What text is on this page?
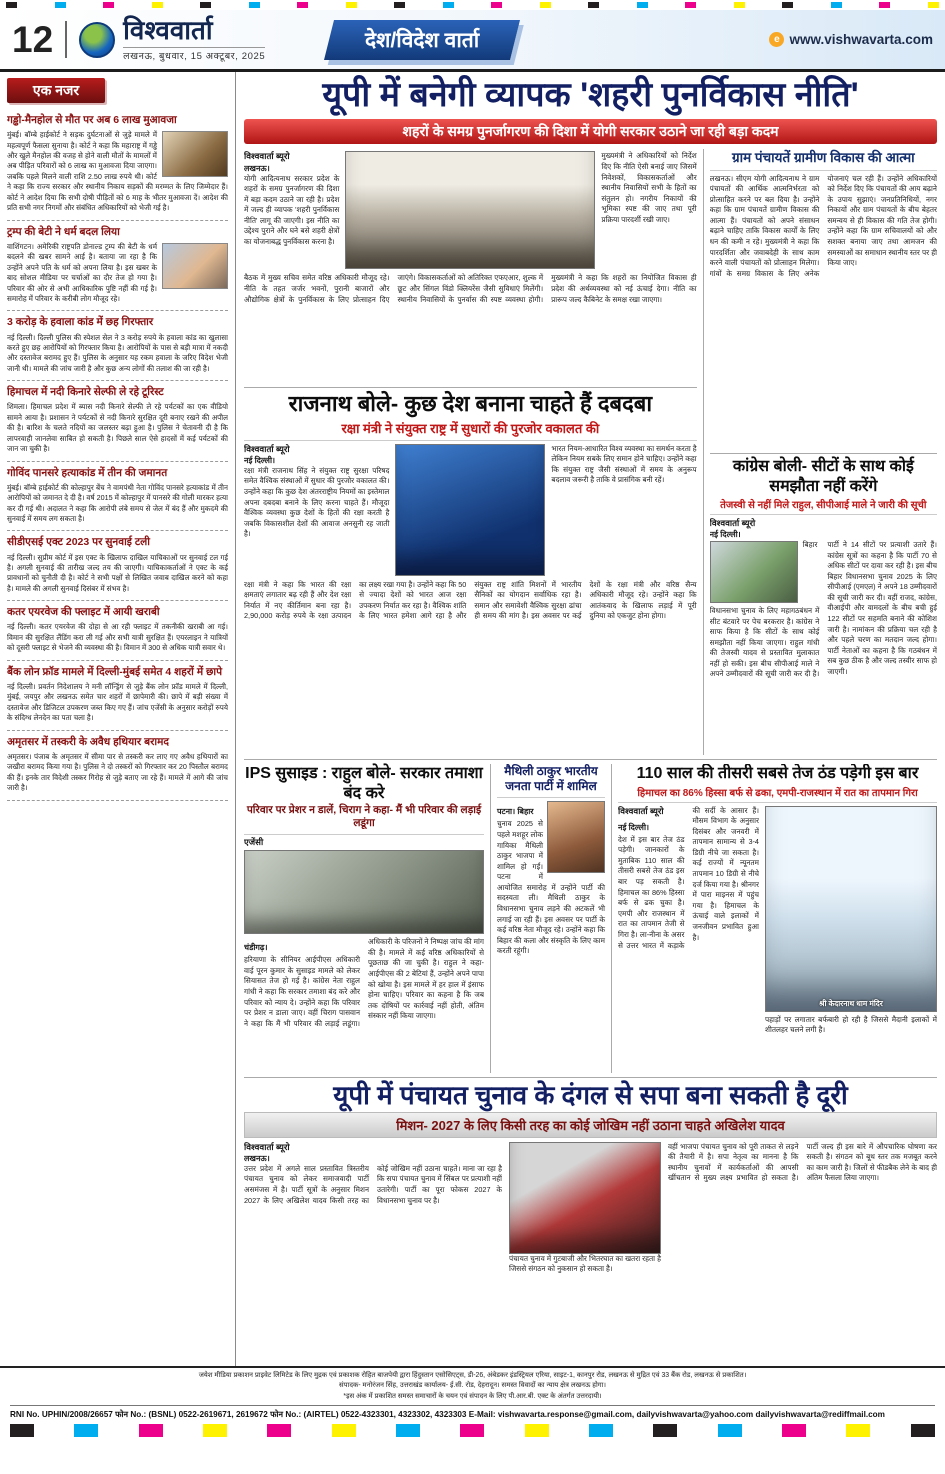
12	विश्ववार्ता
लखनऊ, बुधवार, 15 अक्टूबर, 2025
देश/विदेश वार्ता	e www.vishwavarta.com
एक नजर
गड्ढो-मैनहोल से मौत पर अब 6 लाख मुआवजा

मुंबई। बॉम्बे हाईकोर्ट ने सड़क दुर्घटनाओं से जुड़े मामले में महत्वपूर्ण फैसला सुनाया है। कोर्ट ने कहा कि महाराष्ट्र में गड्ढे और खुले मैनहोल की वजह से होने वाली मौतों के मामलों में अब पीड़ित परिवारों को 6 लाख का मुआवजा दिया जाएगा। जबकि पहले मिलने वाली राशि 2.50 लाख रुपये थी। कोर्ट ने कहा कि राज्य सरकार और स्थानीय निकाय सड़कों की मरम्मत के लिए जिम्मेदार हैं। कोर्ट ने आदेश दिया कि सभी दोषी पीड़ितों को 6 माह के भीतर मुआवजा दें। आदेश की प्रति सभी नगर निगमों और संबंधित अधिकारियों को भेजी गई है।

ट्रम्प की बेटी ने धर्म बदल लिया

वाशिंगटन। अमेरिकी राष्ट्रपति डोनाल्ड ट्रम्प की बेटी के धर्म बदलने की खबर सामने आई है। बताया जा रहा है कि उन्होंने अपने पति के धर्म को अपना लिया है। इस खबर के बाद सोशल मीडिया पर चर्चाओं का दौर तेज हो गया है। परिवार की ओर से अभी आधिकारिक पुष्टि नहीं की गई है। समारोह में परिवार के करीबी लोग मौजूद रहे।

3 करोड़ के हवाला कांड में छह गिरफ्तार

नई दिल्ली। दिल्ली पुलिस की स्पेशल सेल ने 3 करोड़ रुपये के हवाला कांड का खुलासा करते हुए छह आरोपियों को गिरफ्तार किया है। आरोपियों के पास से बड़ी मात्रा में नकदी और दस्तावेज बरामद हुए हैं। पुलिस के अनुसार यह रकम हवाला के जरिए विदेश भेजी जानी थी। मामले की जांच जारी है और कुछ अन्य लोगों की तलाश की जा रही है।

हिमाचल में नदी किनारे सेल्फी ले रहे टूरिस्ट

शिमला। हिमाचल प्रदेश में ब्यास नदी किनारे सेल्फी ले रहे पर्यटकों का एक वीडियो सामने आया है। प्रशासन ने पर्यटकों से नदी किनारे सुरक्षित दूरी बनाए रखने की अपील की है। बारिश के चलते नदियों का जलस्तर बढ़ा हुआ है। पुलिस ने चेतावनी दी है कि लापरवाही जानलेवा साबित हो सकती है। पिछले साल ऐसे हादसों में कई पर्यटकों की जान जा चुकी है।

गोविंद पानसरे हत्याकांड में तीन की जमानत

मुंबई। बॉम्बे हाईकोर्ट की कोल्हापुर बेंच ने वामपंथी नेता गोविंद पानसरे हत्याकांड में तीन आरोपियों को जमानत दे दी है। वर्ष 2015 में कोल्हापुर में पानसरे की गोली मारकर हत्या कर दी गई थी। अदालत ने कहा कि आरोपी लंबे समय से जेल में बंद हैं और मुकदमे की सुनवाई में समय लग सकता है।

सीडीएसई एक्ट 2023 पर सुनवाई टली

नई दिल्ली। सुप्रीम कोर्ट में इस एक्ट के खिलाफ दाखिल याचिकाओं पर सुनवाई टल गई है। अगली सुनवाई की तारीख जल्द तय की जाएगी। याचिकाकर्ताओं ने एक्ट के कई प्रावधानों को चुनौती दी है। कोर्ट ने सभी पक्षों से लिखित जवाब दाखिल करने को कहा है। मामले की अगली सुनवाई दिसंबर में संभव है।

कतर एयरवेज की फ्लाइट में आयी खराबी

नई दिल्ली। कतर एयरवेज की दोहा से आ रही फ्लाइट में तकनीकी खराबी आ गई। विमान की सुरक्षित लैंडिंग करा ली गई और सभी यात्री सुरक्षित हैं। एयरलाइन ने यात्रियों को दूसरी फ्लाइट से भेजने की व्यवस्था की है। विमान में 300 से अधिक यात्री सवार थे।

बैंक लोन फ्रॉड मामले में दिल्ली-मुंबई समेत 4 शहरों में छापे

नई दिल्ली। प्रवर्तन निदेशालय ने मनी लॉन्ड्रिंग से जुड़े बैंक लोन फ्रॉड मामले में दिल्ली, मुंबई, जयपुर और लखनऊ समेत चार शहरों में छापेमारी की। छापे में बड़ी संख्या में दस्तावेज और डिजिटल उपकरण जब्त किए गए हैं। जांच एजेंसी के अनुसार करोड़ों रुपये के संदिग्ध लेनदेन का पता चला है।

अमृतसर में तस्करी के अवैध हथियार बरामद

अमृतसर। पंजाब के अमृतसर में सीमा पार से तस्करी कर लाए गए अवैध हथियारों का जखीरा बरामद किया गया है। पुलिस ने दो तस्करों को गिरफ्तार कर 20 पिस्तौल बरामद की हैं। इनके तार विदेशी तस्कर गिरोह से जुड़े बताए जा रहे हैं। मामले में आगे की जांच जारी है।

यूपी में बनेगी व्यापक 'शहरी पुनर्विकास नीति'
शहरों के समग्र पुनर्जागरण की दिशा में योगी सरकार उठाने जा रही बड़ा कदम
विश्ववार्ता ब्यूरो
लखनऊ।

योगी आदित्यनाथ सरकार प्रदेश के शहरों के समग्र पुनर्जागरण की दिशा में बड़ा कदम उठाने जा रही है। प्रदेश में जल्द ही व्यापक 'शहरी पुनर्विकास नीति' लागू की जाएगी। इस नीति का उद्देश्य पुराने और घने बसे शहरी क्षेत्रों का योजनाबद्ध पुनर्विकास करना है।

मुख्यमंत्री ने अधिकारियों को निर्देश दिए कि नीति ऐसी बनाई जाए जिसमें निवेशकों, विकासकर्ताओं और स्थानीय निवासियों सभी के हितों का संतुलन हो। नगरीय निकायों की भूमिका स्पष्ट की जाए तथा पूरी प्रक्रिया पारदर्शी रखी जाए।

बैठक में मुख्य सचिव समेत वरिष्ठ अधिकारी मौजूद रहे। नीति के तहत जर्जर भवनों, पुरानी बाजारों और औद्योगिक क्षेत्रों के पुनर्विकास के लिए प्रोत्साहन दिए जाएंगे। विकासकर्ताओं को अतिरिक्त एफएआर, शुल्क में छूट और सिंगल विंडो क्लियरेंस जैसी सुविधाएं मिलेंगी। स्थानीय निवासियों के पुनर्वास की स्पष्ट व्यवस्था होगी। मुख्यमंत्री ने कहा कि शहरों का नियोजित विकास ही प्रदेश की अर्थव्यवस्था को नई ऊंचाई देगा। नीति का प्रारूप जल्द कैबिनेट के समक्ष रखा जाएगा।

राजनाथ बोले- कुछ देश बनाना चाहते हैं दबदबा
रक्षा मंत्री ने संयुक्त राष्ट्र में सुधारों की पुरजोर वकालत की
विश्ववार्ता ब्यूरो
नई दिल्ली।

रक्षा मंत्री राजनाथ सिंह ने संयुक्त राष्ट्र सुरक्षा परिषद समेत वैश्विक संस्थाओं में सुधार की पुरजोर वकालत की। उन्होंने कहा कि कुछ देश अंतरराष्ट्रीय नियमों का इस्तेमाल अपना दबदबा बनाने के लिए करना चाहते हैं। मौजूदा वैश्विक व्यवस्था कुछ देशों के हितों की रक्षा करती है जबकि विकासशील देशों की आवाज अनसुनी रह जाती है।

भारत नियम-आधारित विश्व व्यवस्था का समर्थन करता है लेकिन नियम सबके लिए समान होने चाहिए। उन्होंने कहा कि संयुक्त राष्ट्र जैसी संस्थाओं में समय के अनुरूप बदलाव जरूरी है ताकि वे प्रासंगिक बनी रहें।

रक्षा मंत्री ने कहा कि भारत की रक्षा क्षमताएं लगातार बढ़ रही हैं और देश रक्षा निर्यात में नए कीर्तिमान बना रहा है। 2,90,000 करोड़ रुपये के रक्षा उत्पादन का लक्ष्य रखा गया है। उन्होंने कहा कि 50 से ज्यादा देशों को भारत आज रक्षा उपकरण निर्यात कर रहा है। वैश्विक शांति के लिए भारत हमेशा आगे रहा है और संयुक्त राष्ट्र शांति मिशनों में भारतीय सैनिकों का योगदान सर्वाधिक रहा है। समान और समावेशी वैश्विक सुरक्षा ढांचा ही समय की मांग है। इस अवसर पर कई देशों के रक्षा मंत्री और वरिष्ठ सैन्य अधिकारी मौजूद रहे। उन्होंने कहा कि आतंकवाद के खिलाफ लड़ाई में पूरी दुनिया को एकजुट होना होगा।

ग्राम पंचायतें ग्रामीण विकास की आत्मा

लखनऊ। सीएम योगी आदित्यनाथ ने ग्राम पंचायतों की आर्थिक आत्मनिर्भरता को प्रोत्साहित करने पर बल दिया है। उन्होंने कहा कि ग्राम पंचायतें ग्रामीण विकास की आत्मा हैं। पंचायतों को अपने संसाधन बढ़ाने चाहिए ताकि विकास कार्यों के लिए धन की कमी न रहे। मुख्यमंत्री ने कहा कि पारदर्शिता और जवाबदेही के साथ काम करने वाली पंचायतों को प्रोत्साहन मिलेगा। गांवों के समग्र विकास के लिए अनेक योजनाएं चल रही हैं। उन्होंने अधिकारियों को निर्देश दिए कि पंचायतों की आय बढ़ाने के उपाय सुझाएं। जनप्रतिनिधियों, नगर निकायों और ग्राम पंचायतों के बीच बेहतर समन्वय से ही विकास की गति तेज होगी। उन्होंने कहा कि ग्राम सचिवालयों को और सशक्त बनाया जाए तथा आमजन की समस्याओं का समाधान स्थानीय स्तर पर ही किया जाए।

कांग्रेस बोली- सीटों के साथ कोई समझौता नहीं करेंगे
तेजस्वी से नहीं मिले राहुल, सीपीआई माले ने जारी की सूची
विश्ववार्ता ब्यूरो
नई दिल्ली।

बिहार विधानसभा चुनाव के लिए महागठबंधन में सीट बंटवारे पर पेच बरकरार है। कांग्रेस ने साफ किया है कि सीटों के साथ कोई समझौता नहीं किया जाएगा। राहुल गांधी की तेजस्वी यादव से प्रस्तावित मुलाकात नहीं हो सकी। इस बीच सीपीआई माले ने अपने उम्मीदवारों की सूची जारी कर दी है। पार्टी ने 14 सीटों पर प्रत्याशी उतारे हैं। कांग्रेस सूत्रों का कहना है कि पार्टी 70 से अधिक सीटों पर दावा कर रही है। इस बीच बिहार विधानसभा चुनाव 2025 के लिए सीपीआई (एमएल) ने अपने 18 उम्मीदवारों की सूची जारी कर दी। वहीं राजद, कांग्रेस, वीआईपी और वामदलों के बीच बची हुई 122 सीटों पर सहमति बनाने की कोशिश जारी है। नामांकन की प्रक्रिया चल रही है और पहले चरण का मतदान जल्द होगा। पार्टी नेताओं का कहना है कि गठबंधन में सब कुछ ठीक है और जल्द तस्वीर साफ हो जाएगी।

IPS सुसाइड : राहुल बोले- सरकार तमाशा बंद करे
परिवार पर प्रेशर न डालें, चिराग ने कहा- मैं भी परिवार की लड़ाई लडूंगा
एजेंसी
चंडीगढ़।

हरियाणा के सीनियर आईपीएस अधिकारी वाई पूरन कुमार के सुसाइड मामले को लेकर सियासत तेज हो गई है। कांग्रेस नेता राहुल गांधी ने कहा कि सरकार तमाशा बंद करे और परिवार को न्याय दे। उन्होंने कहा कि परिवार पर प्रेशर न डाला जाए। वहीं चिराग पासवान ने कहा कि मैं भी परिवार की लड़ाई लडूंगा। अधिकारी के परिजनों ने निष्पक्ष जांच की मांग की है। मामले में कई वरिष्ठ अधिकारियों से पूछताछ की जा चुकी है। राहुल ने कहा- आईपीएस की 2 बेटियां हैं, उन्होंने अपने पापा को खोया है। इस मामले में हर हाल में इंसाफ होना चाहिए। परिवार का कहना है कि जब तक दोषियों पर कार्रवाई नहीं होती, अंतिम संस्कार नहीं किया जाएगा।

मैथिली ठाकुर भारतीय जनता पार्टी में शामिल
पटना। बिहार

चुनाव 2025 से पहले मशहूर लोक गायिका मैथिली ठाकुर भाजपा में शामिल हो गईं। पटना में आयोजित समारोह में उन्होंने पार्टी की सदस्यता ली। मैथिली ठाकुर के विधानसभा चुनाव लड़ने की अटकलें भी लगाई जा रही हैं। इस अवसर पर पार्टी के कई वरिष्ठ नेता मौजूद रहे। उन्होंने कहा कि बिहार की कला और संस्कृति के लिए काम करती रहूंगी।

110 साल की तीसरी सबसे तेज ठंड पड़ेगी इस बार
हिमाचल का 86% हिस्सा बर्फ से ढका, एमपी-राजस्थान में रात का तापमान गिरा
विश्ववार्ता ब्यूरो
नई दिल्ली।

देश में इस बार तेज ठंड पड़ेगी। जानकारों के मुताबिक 110 साल की तीसरी सबसे तेज ठंड इस बार पड़ सकती है। हिमाचल का 86% हिस्सा बर्फ से ढक चुका है। एमपी और राजस्थान में रात का तापमान तेजी से गिरा है। ला-नीना के असर से उत्तर भारत में कड़ाके की सर्दी के आसार हैं। मौसम विभाग के अनुसार दिसंबर और जनवरी में तापमान सामान्य से 3-4 डिग्री नीचे जा सकता है। कई राज्यों में न्यूनतम तापमान 10 डिग्री से नीचे दर्ज किया गया है। श्रीनगर में पारा माइनस में पहुंच गया है। हिमाचल के ऊंचाई वाले इलाकों में जनजीवन प्रभावित हुआ है।

श्री केदारनाथ धाम मंदिर

पहाड़ों पर लगातार बर्फबारी हो रही है जिससे मैदानी इलाकों में शीतलहर चलने लगी है।

यूपी में पंचायत चुनाव के दंगल से सपा बना सकती है दूरी
मिशन- 2027 के लिए किसी तरह का कोई जोखिम नहीं उठाना चाहते अखिलेश यादव
विश्ववार्ता ब्यूरो
लखनऊ।

उत्तर प्रदेश में अगले साल प्रस्तावित त्रिस्तरीय पंचायत चुनाव को लेकर समाजवादी पार्टी असमंजस में है। पार्टी सूत्रों के अनुसार मिशन 2027 के लिए अखिलेश यादव किसी तरह का कोई जोखिम नहीं उठाना चाहते। माना जा रहा है कि सपा पंचायत चुनाव में सिंबल पर प्रत्याशी नहीं उतारेगी। पार्टी का पूरा फोकस 2027 के विधानसभा चुनाव पर है।

पंचायत चुनाव में गुटबाजी और भितरघात का खतरा रहता है जिससे संगठन को नुकसान हो सकता है।

वहीं भाजपा पंचायत चुनाव को पूरी ताकत से लड़ने की तैयारी में है। सपा नेतृत्व का मानना है कि स्थानीय चुनावों में कार्यकर्ताओं की आपसी खींचतान से मुख्य लक्ष्य प्रभावित हो सकता है। पार्टी जल्द ही इस बारे में औपचारिक घोषणा कर सकती है। संगठन को बूथ स्तर तक मजबूत करने का काम जारी है। जिलों से फीडबैक लेने के बाद ही अंतिम फैसला लिया जाएगा।

जयेश मीडिया प्रकाशन प्राइवेट लिमिटेड के लिए मुद्रक एवं प्रकाशक रोहित बाजपेयी द्वारा हिंदुस्तान एसोसिएट्स, डी-26, अंबेडकर इंडस्ट्रियल एरिया, साइट-1, कानपुर रोड, लखनऊ से मुद्रित एवं 33 बैंक रोड, लखनऊ से प्रकाशित।
संपादक- मनोरंजन सिंह, उत्तराखंड कार्यालय- ई.सी. रोड, देहरादून। समस्त विवादों का न्याय क्षेत्र लखनऊ होगा।
*इस अंक में प्रकाशित समस्त समाचारों के चयन एवं संपादन के लिए पी.आर.बी. एक्ट के अंतर्गत उत्तरदायी।
RNI No. UPHIN/2008/26657 फोन No.: (BSNL) 0522-2619671, 2619672 फोन No.: (AIRTEL) 0522-4323301, 4323302, 4323303 E-Mail: vishwavarta.response@gmail.com, dailyvishwavarta@yahoo.com dailyvishwavarta@rediffmail.com
